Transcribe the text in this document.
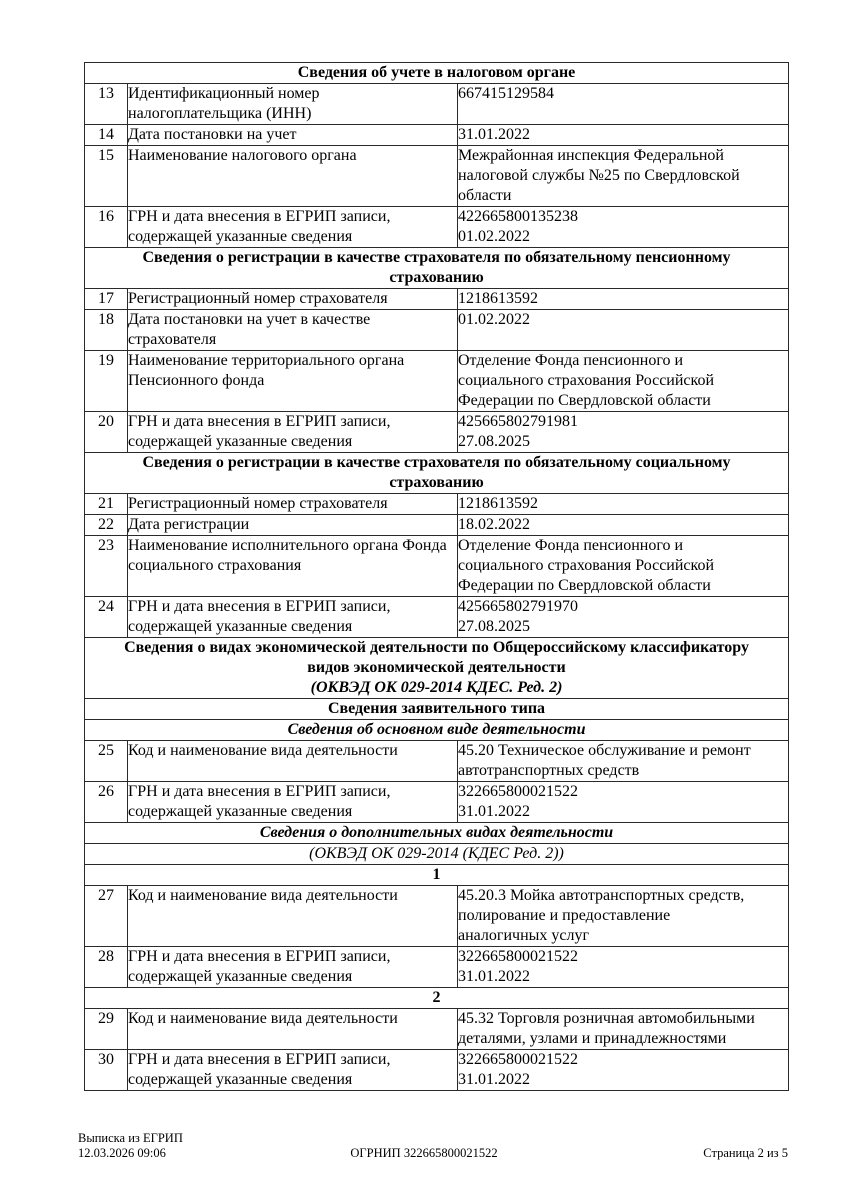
Сведения об учете в налоговом органе		
13	Идентификационный номер налогоплательщика (ИНН)	667415129584

14	Дата постановки на учет	31.01.2022

15	Наименование налогового органа	Межрайонная инспекция Федеральной
налоговой службы №25 по Свердловской
области

16	ГРН и дата внесения в ЕГРИП записи, содержащей указанные сведения	422665800135238
01.02.2022

Сведения о регистрации в качестве страхователя по обязательному пенсионному
страхованию		

17	Регистрационный номер страхователя	1218613592

18	Дата постановки на учет в качестве страхователя	01.02.2022

19	Наименование территориального органа Пенсионного фонда	Отделение Фонда пенсионного и
социального страхования Российской
Федерации по Свердловской области

20	ГРН и дата внесения в ЕГРИП записи, содержащей указанные сведения	425665802791981
27.08.2025

Сведения о регистрации в качестве страхователя по обязательному социальному
страхованию		

21	Регистрационный номер страхователя	1218613592

22	Дата регистрации	18.02.2022

23	Наименование исполнительного органа Фонда социального страхования	Отделение Фонда пенсионного и
социального страхования Российской
Федерации по Свердловской области

24	ГРН и дата внесения в ЕГРИП записи, содержащей указанные сведения	425665802791970
27.08.2025

Сведения о видах экономической деятельности по Общероссийскому классификатору
видов экономической деятельности
(ОКВЭД ОК 029-2014 КДЕС. Ред. 2)		

Сведения заявительного типа		
Сведения об основном виде деятельности		
25	Код и наименование вида деятельности	45.20 Техническое обслуживание и ремонт
автотранспортных средств

26	ГРН и дата внесения в ЕГРИП записи, содержащей указанные сведения	322665800021522
31.01.2022

Сведения о дополнительных видах деятельности		
(ОКВЭД ОК 029-2014 (КДЕС Ред. 2))		
1		
27	Код и наименование вида деятельности	45.20.3 Мойка автотранспортных средств,
полирование и предоставление
аналогичных услуг

28	ГРН и дата внесения в ЕГРИП записи, содержащей указанные сведения	322665800021522
31.01.2022

2		
29	Код и наименование вида деятельности	45.32 Торговля розничная автомобильными
деталями, узлами и принадлежностями

30	ГРН и дата внесения в ЕГРИП записи, содержащей указанные сведения	322665800021522
31.01.2022
Выписка из ЕГРИП
12.03.2026 09:06	ОГРНИП 322665800021522	Страница 2 из 5
